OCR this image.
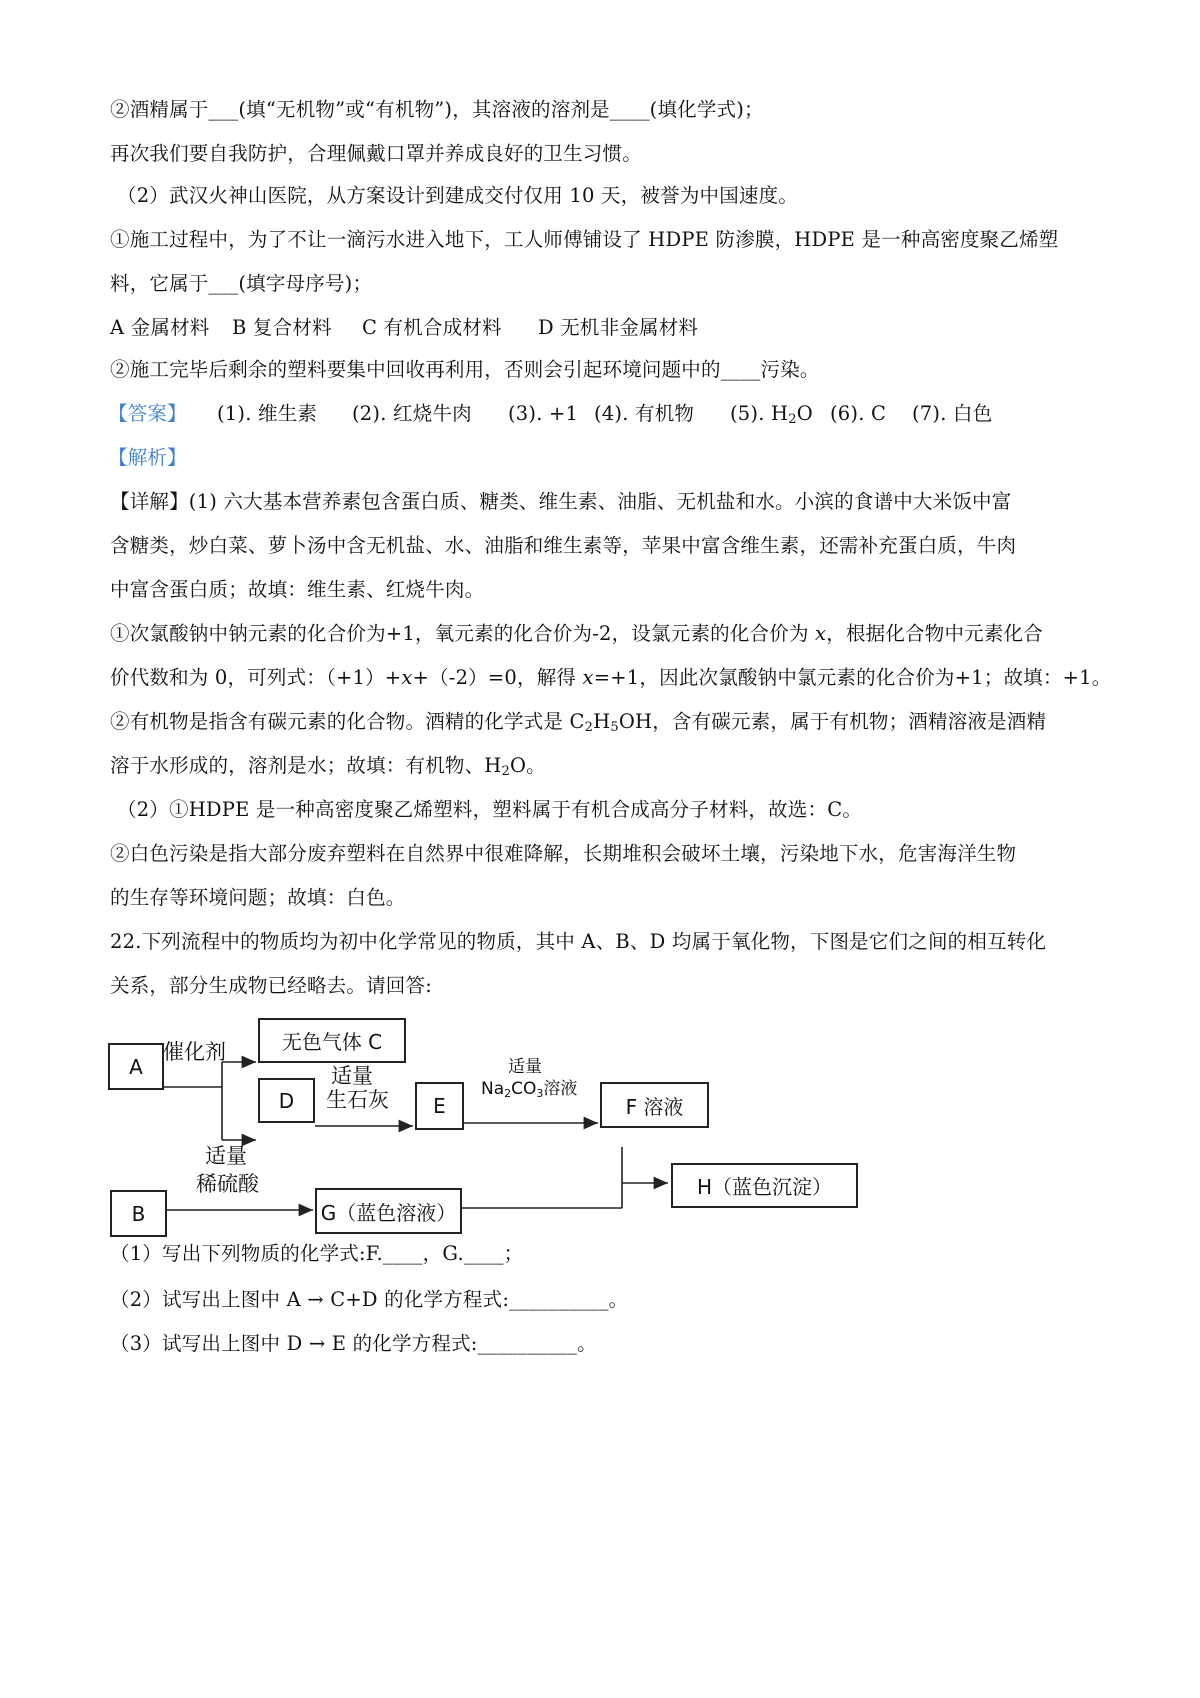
②酒精属于___(填“无机物”或“有机物”)，其溶液的溶剂是____(填化学式)；
再次我们要自我防护，合理佩戴口罩并养成良好的卫生习惯。
（2）武汉火神山医院，从方案设计到建成交付仅用 10 天，被誉为中国速度。
①施工过程中，为了不让一滴污水进入地下，工人师傅铺设了 HDPE 防渗膜，HDPE 是一种高密度聚乙烯塑
料，它属于___(填字母序号)；
A 金属材料 B 复合材料 C 有机合成材料 D 无机非金属材料
②施工完毕后剩余的塑料要集中回收再利用，否则会引起环境问题中的____污染。
【答案】 (1). 维生素 (2). 红烧牛肉 (3). +1 (4). 有机物 (5). $H_2O$ (6). C (7). 白色
【解析】
【详解】(1) 六大基本营养素包含蛋白质、糖类、维生素、油脂、无机盐和水。小滨的食谱中大米饭中富
含糖类，炒白菜、萝卜汤中含无机盐、水、油脂和维生素等，苹果中富含维生素，还需补充蛋白质，牛肉
中富含蛋白质；故填：维生素、红烧牛肉。
①次氯酸钠中钠元素的化合价为+1，氧元素的化合价为-2，设氯元素的化合价为 x，根据化合物中元素化合
价代数和为 0，可列式：（+1）+x+（-2）=0，解得 x=+1，因此次氯酸钠中氯元素的化合价为+1；故填：+1。
②有机物是指含有碳元素的化合物。酒精的化学式是 $C_2H_5OH$，含有碳元素，属于有机物；酒精溶液是酒精
溶于水形成的，溶剂是水；故填：有机物、$H_2O$。
（2）①HDPE 是一种高密度聚乙烯塑料，塑料属于有机合成高分子材料，故选：C。
②白色污染是指大部分废弃塑料在自然界中很难降解，长期堆积会破坏土壤，污染地下水，危害海洋生物
的生存等环境问题；故填：白色。
22.下列流程中的物质均为初中化学常见的物质，其中 A、B、D 均属于氧化物，下图是它们之间的相互转化
关系，部分生成物已经略去。请回答:
A
无色气体 C
D	E	F 溶液
B	G（蓝色溶液）
H（蓝色沉淀）
催化剂
适量
生石灰
适量
$Na_2CO_3$溶液
适量
稀硫酸
（1）写出下列物质的化学式:F.____，G.____；
（2）试写出上图中 A → C+D 的化学方程式:__________。
（3）试写出上图中 D → E 的化学方程式:__________。
